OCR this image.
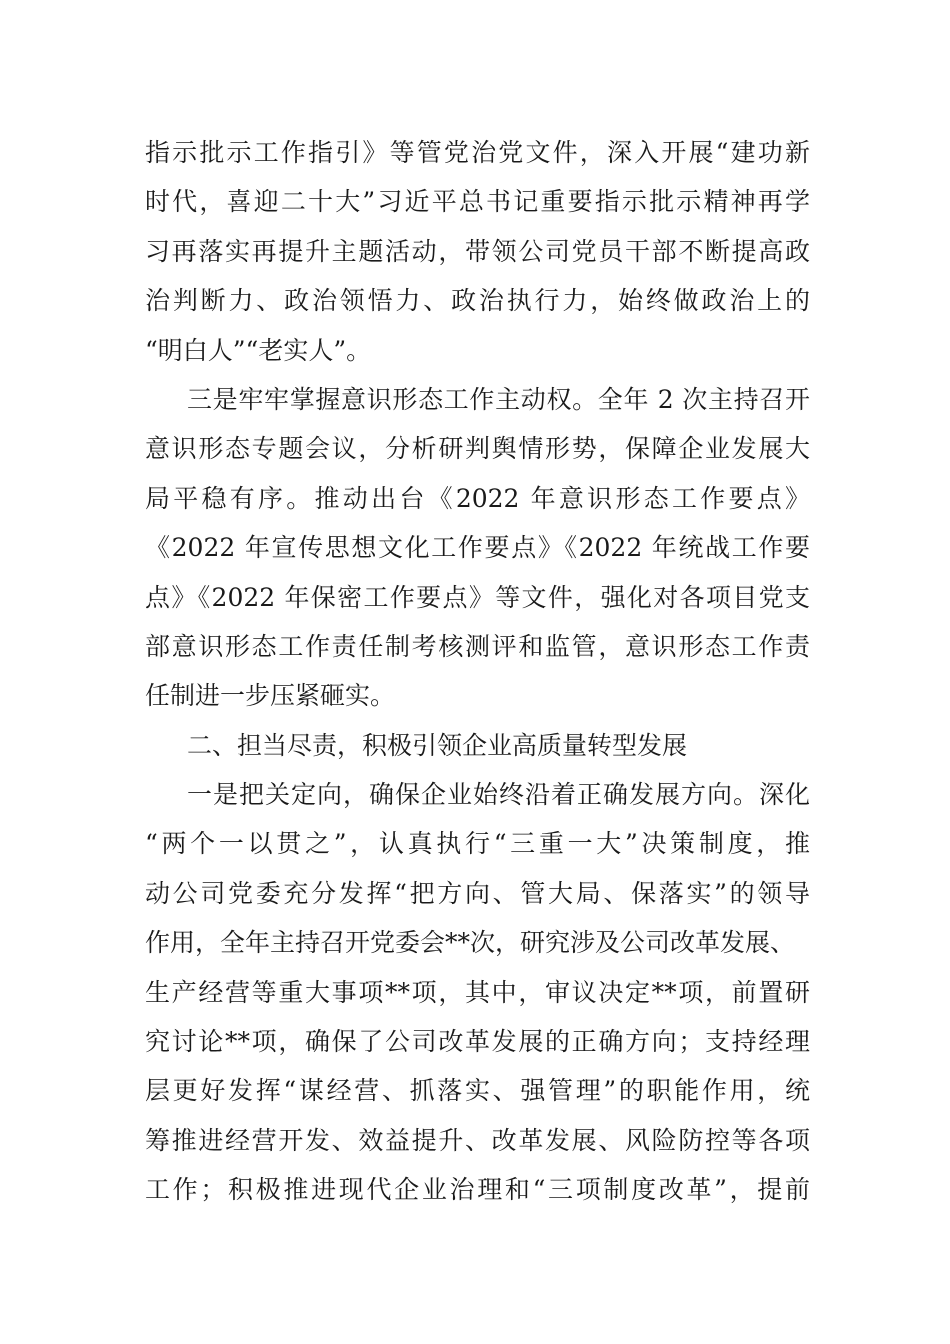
指示批示工作指引》等管党治党文件，深入开展“建功新
时代，喜迎二十大”习近平总书记重要指示批示精神再学
习再落实再提升主题活动，带领公司党员干部不断提高政
治判断力、政治领悟力、政治执行力，始终做政治上的
“明白人”“老实人”。
三是牢牢掌握意识形态工作主动权。全年 2 次主持召开
意识形态专题会议，分析研判舆情形势，保障企业发展大
局平稳有序。推动出台《2022 年意识形态工作要点》
《2022 年宣传思想文化工作要点》《2022 年统战工作要
点》《2022 年保密工作要点》等文件，强化对各项目党支
部意识形态工作责任制考核测评和监管，意识形态工作责
任制进一步压紧砸实。
二、担当尽责，积极引领企业高质量转型发展
一是把关定向，确保企业始终沿着正确发展方向。深化
“两个一以贯之”，认真执行“三重一大”决策制度，推
动公司党委充分发挥“把方向、管大局、保落实”的领导
作用，全年主持召开党委会**次，研究涉及公司改革发展、
生产经营等重大事项**项，其中，审议决定**项，前置研
究讨论**项，确保了公司改革发展的正确方向；支持经理
层更好发挥“谋经营、抓落实、强管理”的职能作用，统
筹推进经营开发、效益提升、改革发展、风险防控等各项
工作；积极推进现代企业治理和“三项制度改革”，提前
